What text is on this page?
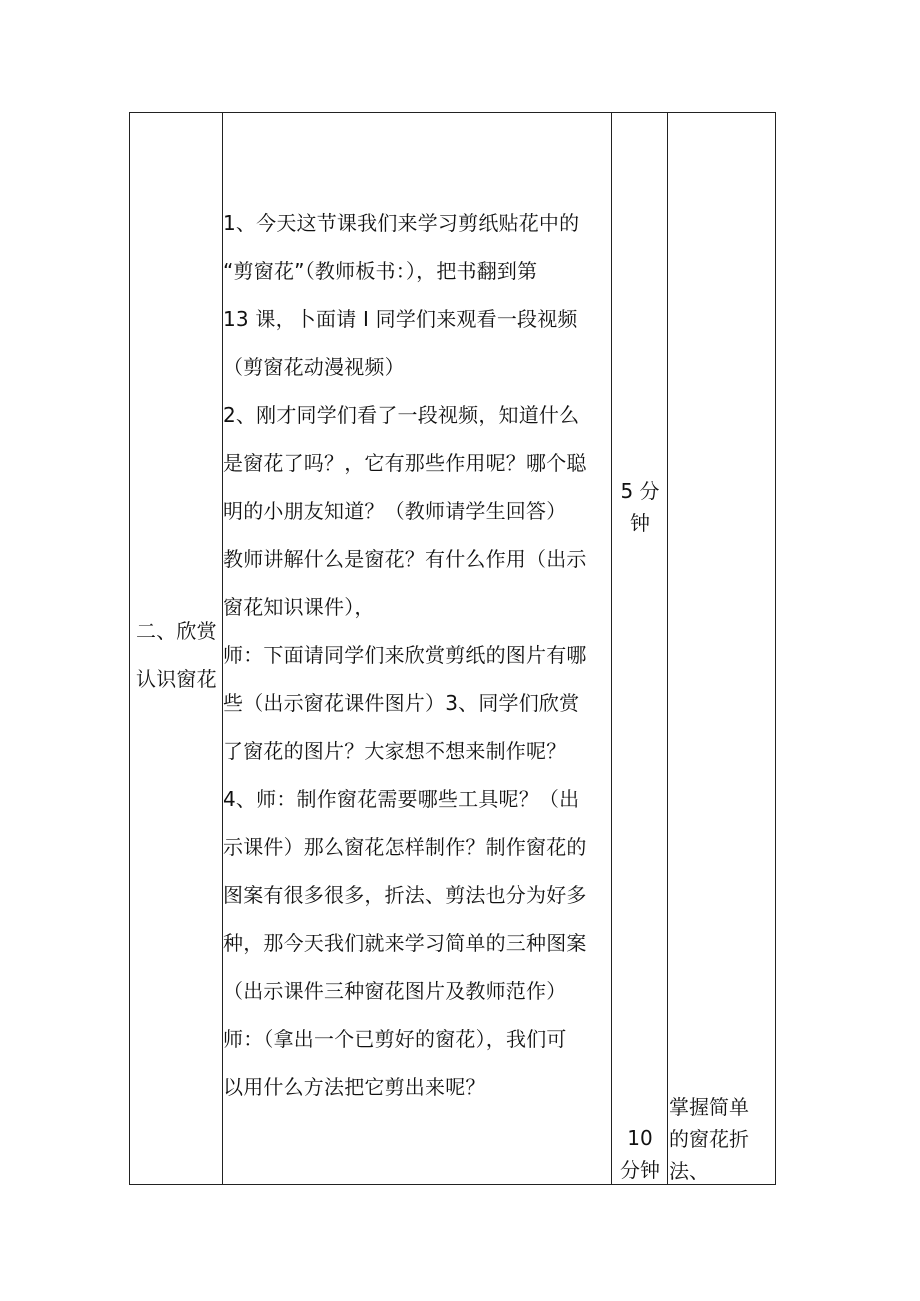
二、欣赏
认识窗花
1、今天这节课我们来学习剪纸贴花中的
“剪窗花”（教师板书：），把书翻到第
13 课，卜面请 I 同学们来观看一段视频
（剪窗花动漫视频）
2、刚才同学们看了一段视频，知道什么
是窗花了吗？，它有那些作用呢？哪个聪
明的小朋友知道？（教师请学生回答）
教师讲解什么是窗花？有什么作用（出示
窗花知识课件），
师：下面请同学们来欣赏剪纸的图片有哪
些（出示窗花课件图片）3、同学们欣赏
了窗花的图片？大家想不想来制作呢？
4、师：制作窗花需要哪些工具呢？（出
示课件）那么窗花怎样制作？制作窗花的
图案有很多很多，折法、剪法也分为好多
种，那今天我们就来学习简单的三种图案
（出示课件三种窗花图片及教师范作）
师：（拿出一个已剪好的窗花），我们可
以用什么方法把它剪出来呢？
5 分
钟
10
分钟
掌握简单
的窗花折
法、
